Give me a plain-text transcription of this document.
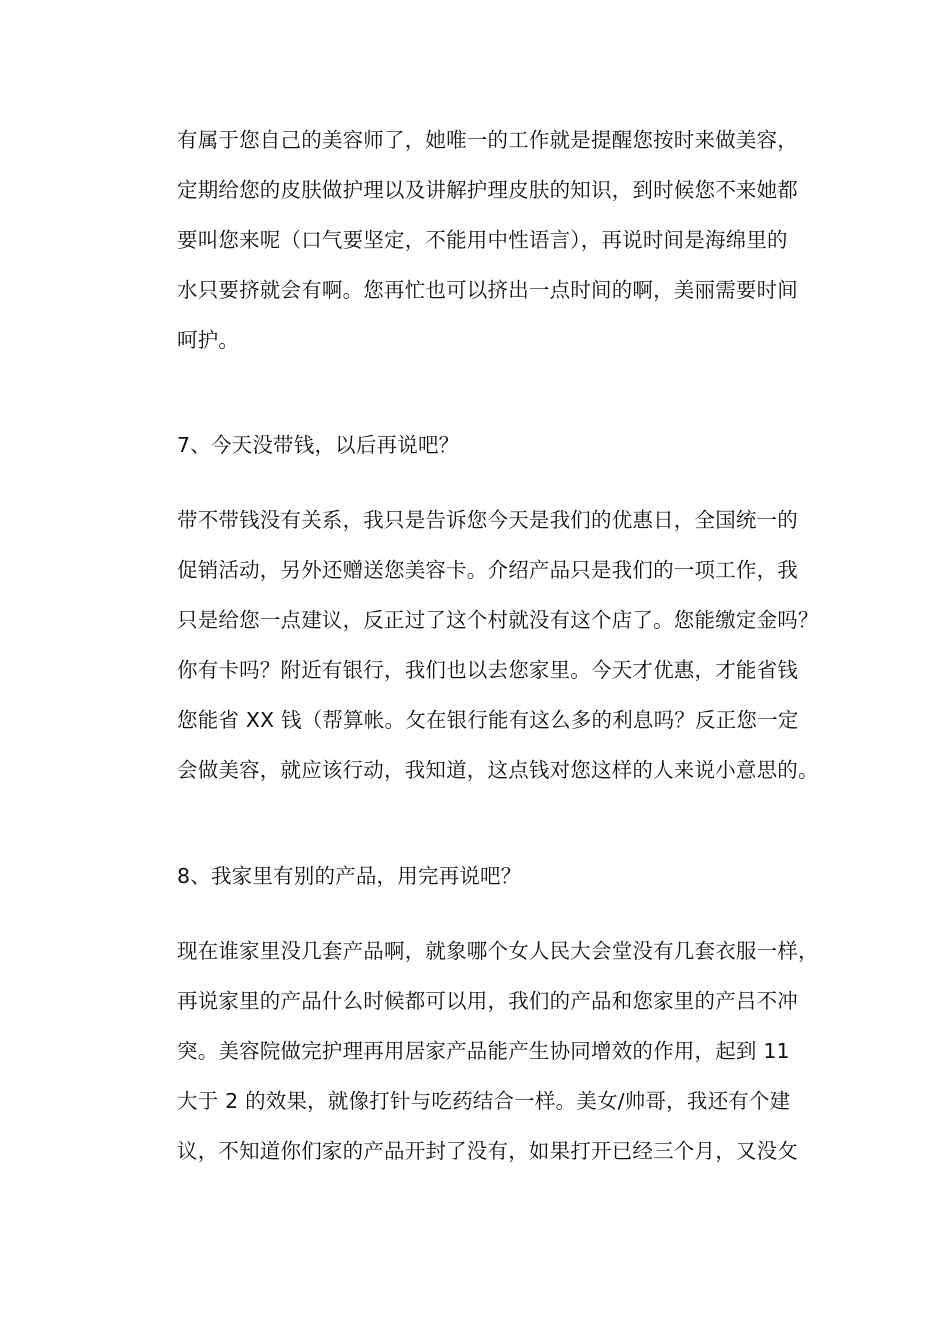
有属于您自己的美容师了，她唯一的工作就是提醒您按时来做美容，
定期给您的皮肤做护理以及讲解护理皮肤的知识，到时候您不来她都
要叫您来呢（口气要坚定，不能用中性语言），再说时间是海绵里的
水只要挤就会有啊。您再忙也可以挤出一点时间的啊，美丽需要时间
呵护。
7、今天没带钱，以后再说吧？
带不带钱没有关系，我只是告诉您今天是我们的优惠日，全国统一的
促销活动，另外还赠送您美容卡。介绍产品只是我们的一项工作，我
只是给您一点建议，反正过了这个村就没有这个店了。您能缴定金吗？
你有卡吗？附近有银行，我们也以去您家里。今天才优惠，才能省钱
您能省 XX 钱（帮算帐。攵在银行能有这么多的利息吗？反正您一定
会做美容，就应该行动，我知道，这点钱对您这样的人来说小意思的。
8、我家里有别的产品，用完再说吧？
现在谁家里没几套产品啊，就象哪个女人民大会堂没有几套衣服一样，
再说家里的产品什么时候都可以用，我们的产品和您家里的产吕不冲
突。美容院做完护理再用居家产品能产生协同增效的作用，起到 11
大于 2 的效果，就像打针与吃药结合一样。美女/帅哥，我还有个建
议，不知道你们家的产品开封了没有，如果打开已经三个月，又没攵
